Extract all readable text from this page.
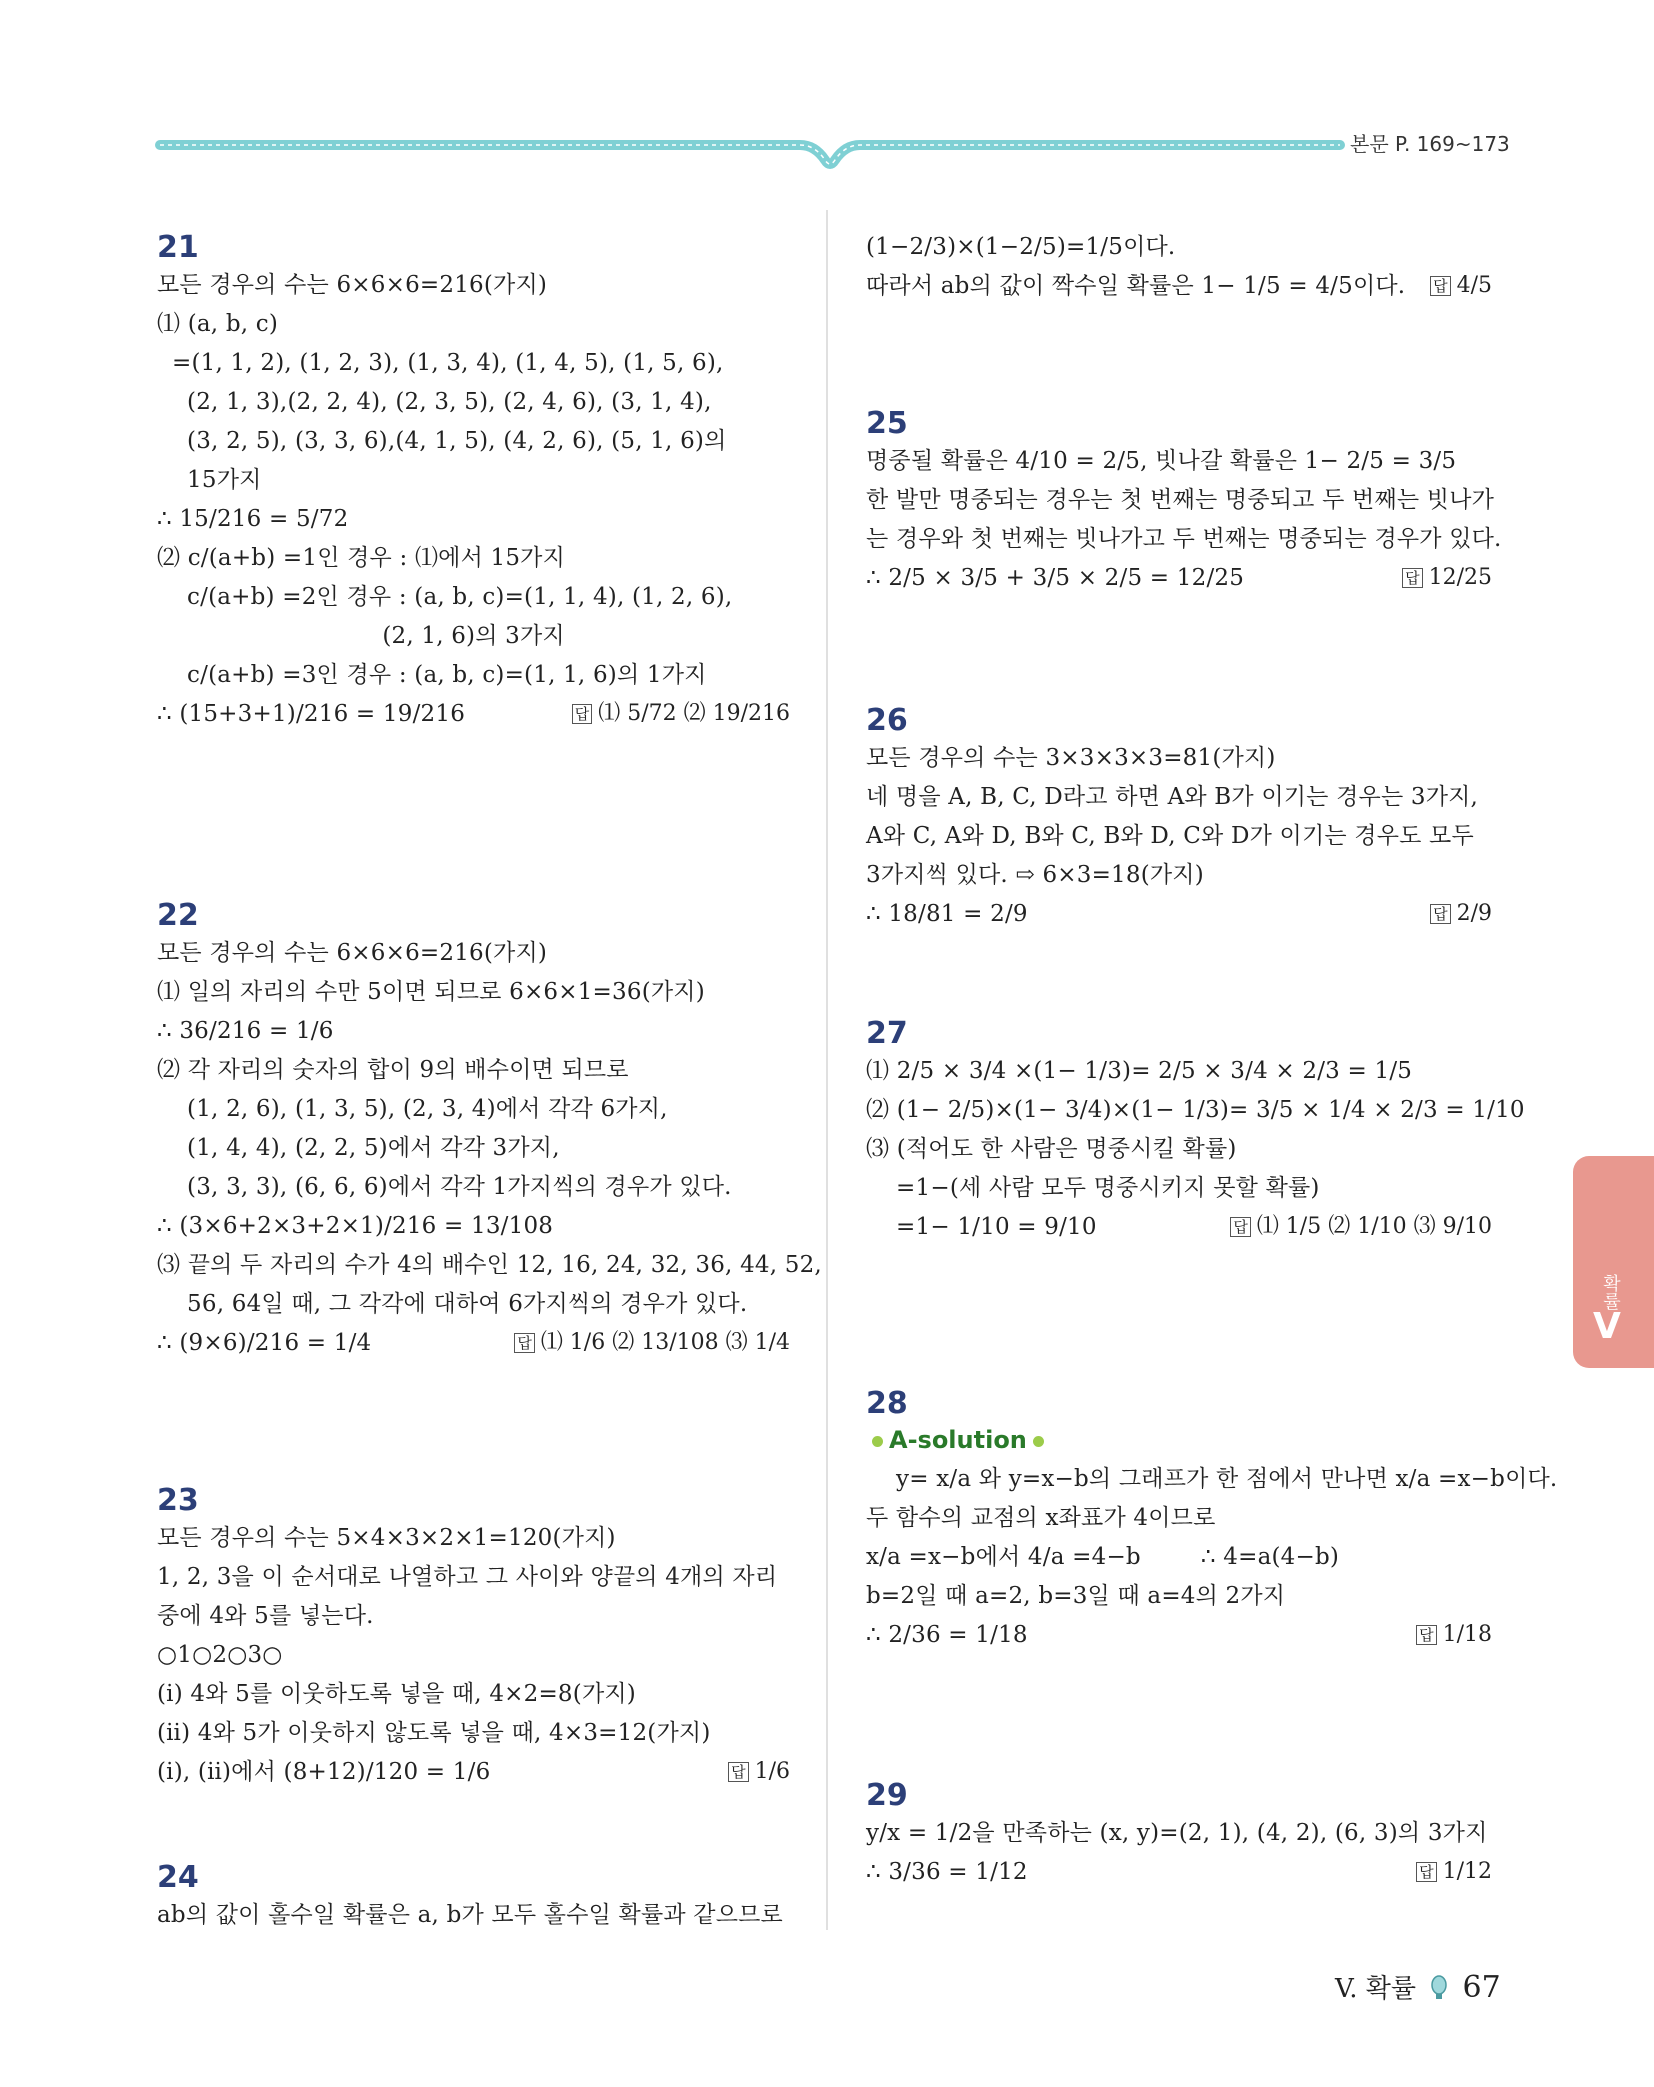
본문 P. 169~173
21
모든 경우의 수는 6×6×6=216(가지)
⑴ (a, b, c)
=(1, 1, 2), (1, 2, 3), (1, 3, 4), (1, 4, 5), (1, 5, 6),
(2, 1, 3),(2, 2, 4), (2, 3, 5), (2, 4, 6), (3, 1, 4),
(3, 2, 5), (3, 3, 6),(4, 1, 5), (4, 2, 6), (5, 1, 6)의
15가지
∴ 15/216 = 5/72
⑵ c/(a+b) =1인 경우 : ⑴에서 15가지
c/(a+b) =2인 경우 : (a, b, c)=(1, 1, 4), (1, 2, 6),
(2, 1, 6)의 3가지
c/(a+b) =3인 경우 : (a, b, c)=(1, 1, 6)의 1가지
∴ (15+3+1)/216 = 19/216	답 ⑴ 5/72 ⑵ 19/216
22
모든 경우의 수는 6×6×6=216(가지)
⑴ 일의 자리의 수만 5이면 되므로 6×6×1=36(가지)
∴ 36/216 = 1/6
⑵ 각 자리의 숫자의 합이 9의 배수이면 되므로
(1, 2, 6), (1, 3, 5), (2, 3, 4)에서 각각 6가지,
(1, 4, 4), (2, 2, 5)에서 각각 3가지,
(3, 3, 3), (6, 6, 6)에서 각각 1가지씩의 경우가 있다.
∴ (3×6+2×3+2×1)/216 = 13/108
⑶ 끝의 두 자리의 수가 4의 배수인 12, 16, 24, 32, 36, 44, 52,
56, 64일 때, 그 각각에 대하여 6가지씩의 경우가 있다.
∴ (9×6)/216 = 1/4	답 ⑴ 1/6 ⑵ 13/108 ⑶ 1/4
23
모든 경우의 수는 5×4×3×2×1=120(가지)
1, 2, 3을 이 순서대로 나열하고 그 사이와 양끝의 4개의 자리
중에 4와 5를 넣는다.
○1○2○3○
(ⅰ) 4와 5를 이웃하도록 넣을 때, 4×2=8(가지)
(ⅱ) 4와 5가 이웃하지 않도록 넣을 때, 4×3=12(가지)
(ⅰ), (ⅱ)에서 (8+12)/120 = 1/6	답 1/6
24
ab의 값이 홀수일 확률은 a, b가 모두 홀수일 확률과 같으므로
(1−2/3)×(1−2/5)=1/5이다.
따라서 ab의 값이 짝수일 확률은 1− 1/5 = 4/5이다. 답 4/5
25
명중될 확률은 4/10 = 2/5, 빗나갈 확률은 1− 2/5 = 3/5
한 발만 명중되는 경우는 첫 번째는 명중되고 두 번째는 빗나가
는 경우와 첫 번째는 빗나가고 두 번째는 명중되는 경우가 있다.
∴ 2/5 × 3/5 + 3/5 × 2/5 = 12/25	답 12/25
26
모든 경우의 수는 3×3×3×3=81(가지)
네 명을 A, B, C, D라고 하면 A와 B가 이기는 경우는 3가지,
A와 C, A와 D, B와 C, B와 D, C와 D가 이기는 경우도 모두
3가지씩 있다. ⇨ 6×3=18(가지)
∴ 18/81 = 2/9	답 2/9
27
⑴ 2/5 × 3/4 ×(1− 1/3)= 2/5 × 3/4 × 2/3 = 1/5
⑵ (1− 2/5)×(1− 3/4)×(1− 1/3)= 3/5 × 1/4 × 2/3 = 1/10
⑶ (적어도 한 사람은 명중시킬 확률)
=1−(세 사람 모두 명중시키지 못할 확률)
=1− 1/10 = 9/10	답 ⑴ 1/5 ⑵ 1/10 ⑶ 9/10
28
A-solution
y= x/a 와 y=x−b의 그래프가 한 점에서 만나면 x/a =x−b이다.
두 함수의 교점의 x좌표가 4이므로
x/a =x−b에서 4/a =4−b        ∴ 4=a(4−b)
b=2일 때 a=2, b=3일 때 a=4의 2가지
∴ 2/36 = 1/18	답 1/18
29
y/x = 1/2을 만족하는 (x, y)=(2, 1), (4, 2), (6, 3)의 3가지
∴ 3/36 = 1/12	답 1/12
확률
V
V. 확률 67
